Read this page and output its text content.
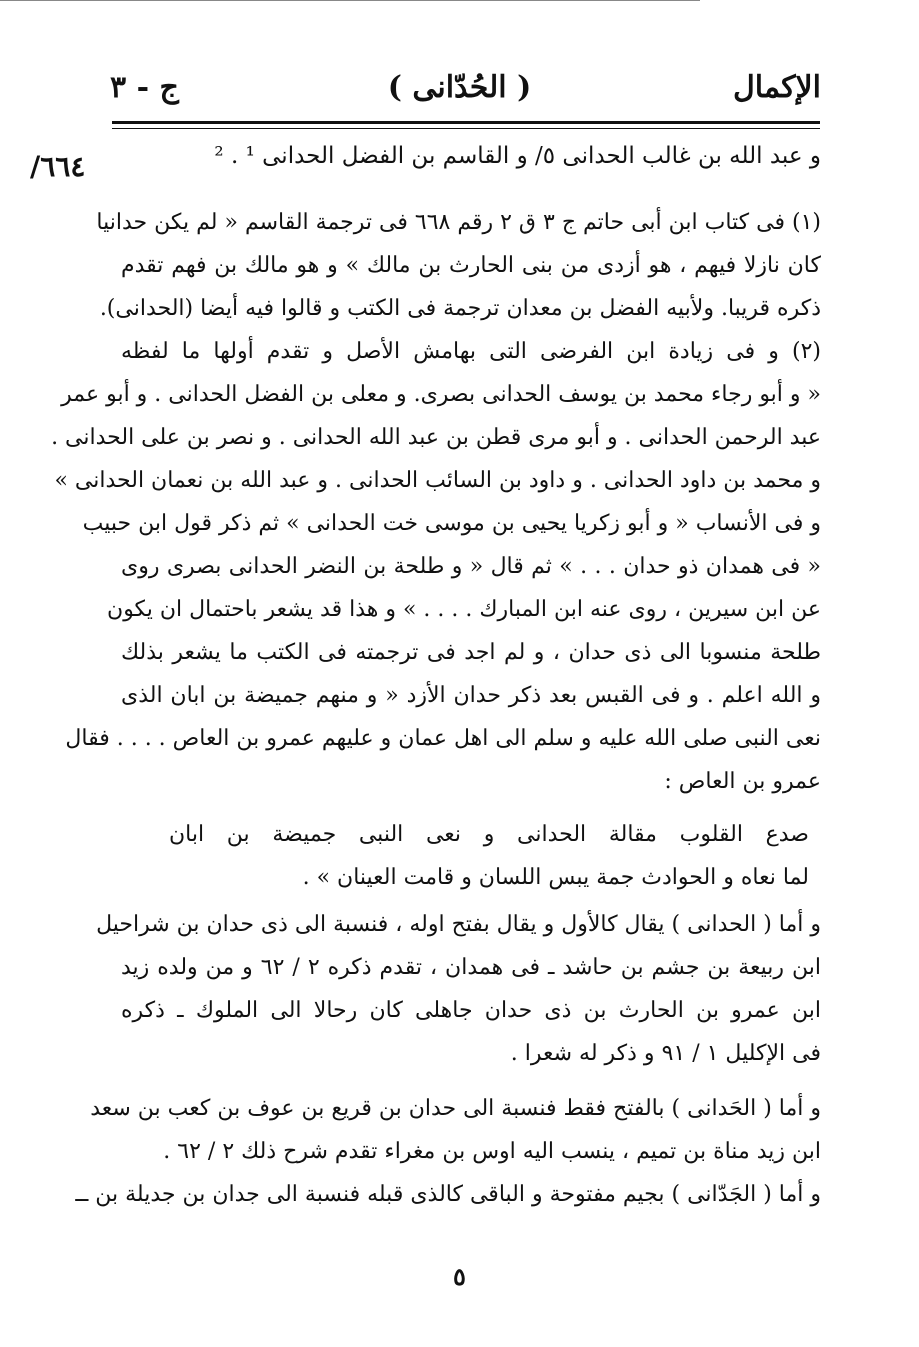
الإكمال
( الحُدّانى )
ج - ٣
/٦٦٤	و عبد الله بن غالب الحدانى ٥/ و القاسم بن الفضل الحدانى ¹ . ²
(١) فى كتاب ابن أبى حاتم ج ٣ ق ٢ رقم ٦٦٨ فى ترجمة القاسم « لم يكن حدانيا
كان نازلا فيهم ، هو أزدى من بنى الحارث بن مالك » و هو مالك بن فهم تقدم
ذكره قريبا. ولأبيه الفضل بن معدان ترجمة فى الكتب و قالوا فيه أيضا (الحدانى).
(٢) و فى زيادة ابن الفرضى التى بهامش الأصل و تقدم أولها ما لفظه
« و أبو رجاء محمد بن يوسف الحدانى بصرى. و معلى بن الفضل الحدانى . و أبو عمر
عبد الرحمن الحدانى . و أبو مرى قطن بن عبد الله الحدانى . و نصر بن على الحدانى .
و محمد بن داود الحدانى . و داود بن السائب الحدانى . و عبد الله بن نعمان الحدانى »
و فى الأنساب « و أبو زكريا يحيى بن موسى خت الحدانى » ثم ذكر قول ابن حبيب
« فى همدان ذو حدان . . . » ثم قال « و طلحة بن النضر الحدانى بصرى روى
عن ابن سيرين ، روى عنه ابن المبارك . . . . » و هذا قد يشعر باحتمال ان يكون
طلحة منسوبا الى ذى حدان ، و لم اجد فى ترجمته فى الكتب ما يشعر بذلك
و الله اعلم . و فى القبس بعد ذكر حدان الأزد « و منهم جميضة بن ابان الذى
نعى النبى صلى الله عليه و سلم الى اهل عمان و عليهم عمرو بن العاص . . . . فقال
عمرو بن العاص :
صدع القلوب مقالة الحدانى و نعى النبى جميضة بن ابان
لما نعاه و الحوادث جمة يبس اللسان و قامت العينان » .
و أما ( الحدانى ) يقال كالأول و يقال بفتح اوله ، فنسبة الى ذى حدان بن شراحيل
ابن ربيعة بن جشم بن حاشد ـ فى همدان ، تقدم ذكره ٢ / ٦٢ و من ولده زيد
ابن عمرو بن الحارث بن ذى حدان جاهلى كان رحالا الى الملوك ـ ذكره
فى الإكليل ١ / ٩١ و ذكر له شعرا .
و أما ( الحَدانى ) بالفتح فقط فنسبة الى حدان بن قريع بن عوف بن كعب بن سعد
ابن زيد مناة بن تميم ، ينسب اليه اوس بن مغراء تقدم شرح ذلك ٢ / ٦٢ .
و أما ( الجَدّانى ) بجيم مفتوحة و الباقى كالذى قبله فنسبة الى جدان بن جديلة بن ــ
٥
